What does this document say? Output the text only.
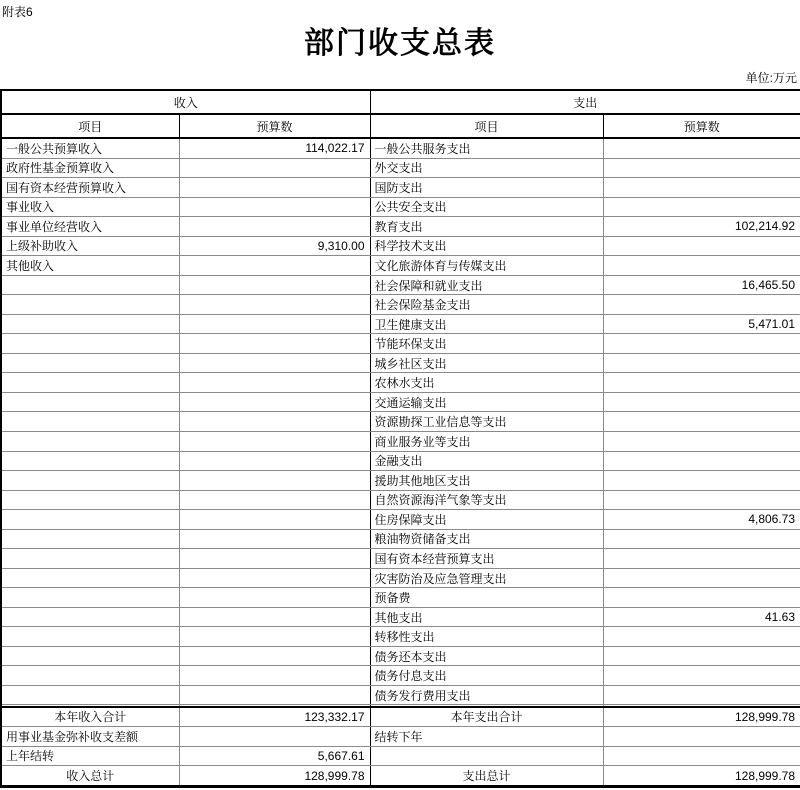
附表6
部门收支总表
单位:万元
收入		支出	
项目	预算数	项目	预算数
一般公共预算收入	114,022.17	一般公共服务支出	
政府性基金预算收入		外交支出	
国有资本经营预算收入		国防支出	
事业收入		公共安全支出	
事业单位经营收入		教育支出	102,214.92
上级补助收入	9,310.00	科学技术支出	
其他收入		文化旅游体育与传媒支出	
		社会保障和就业支出	16,465.50
		社会保险基金支出	
		卫生健康支出	5,471.01
		节能环保支出	
		城乡社区支出	
		农林水支出	
		交通运输支出	
		资源勘探工业信息等支出	
		商业服务业等支出	
		金融支出	
		援助其他地区支出	
		自然资源海洋气象等支出	
		住房保障支出	4,806.73
		粮油物资储备支出	
		国有资本经营预算支出	
		灾害防治及应急管理支出	
		预备费	
		其他支出	41.63
		转移性支出	
		债务还本支出	
		债务付息支出	
		债务发行费用支出	

本年收入合计	123,332.17	本年支出合计	128,999.78
用事业基金弥补收支差额		结转下年	
上年结转	5,667.61		
收入总计	128,999.78	支出总计	128,999.78
